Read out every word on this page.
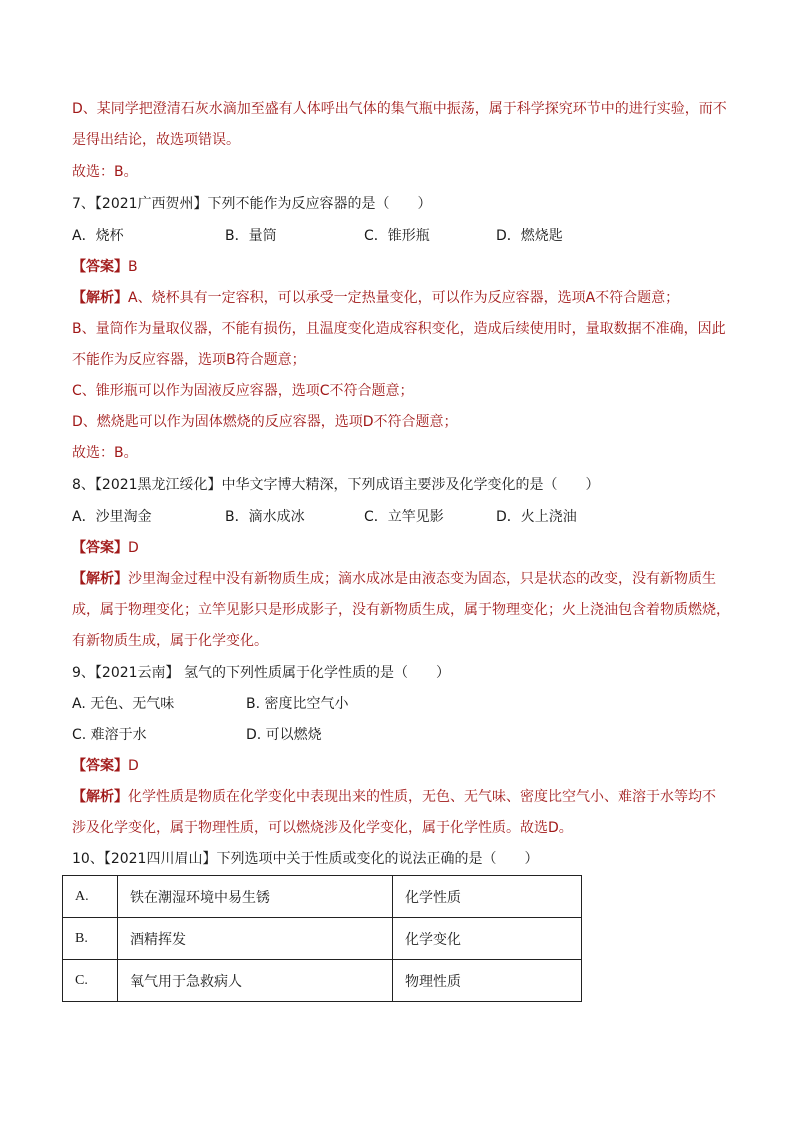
D、某同学把澄清石灰水滴加至盛有人体呼出气体的集气瓶中振荡，属于科学探究环节中的进行实验，而不
是得出结论，故选项错误。
故选：B。
7、【2021广西贺州】下列不能作为反应容器的是（　　）
A．烧杯	B．量筒	C．锥形瓶	D．燃烧匙
【答案】B
【解析】A、烧杯具有一定容积，可以承受一定热量变化，可以作为反应容器，选项A不符合题意；
B、量筒作为量取仪器，不能有损伤，且温度变化造成容积变化，造成后续使用时，量取数据不准确，因此
不能作为反应容器，选项B符合题意；
C、锥形瓶可以作为固液反应容器，选项C不符合题意；
D、燃烧匙可以作为固体燃烧的反应容器，选项D不符合题意；
故选：B。
8、【2021黑龙江绥化】中华文字博大精深，下列成语主要涉及化学变化的是（　　）
A．沙里淘金	B．滴水成冰	C．立竿见影	D．火上浇油
【答案】D
【解析】沙里淘金过程中没有新物质生成；滴水成冰是由液态变为固态，只是状态的改变，没有新物质生
成，属于物理变化；立竿见影只是形成影子，没有新物质生成，属于物理变化；火上浇油包含着物质燃烧，
有新物质生成，属于化学变化。
9、【2021云南】 氢气的下列性质属于化学性质的是（　　）
A. 无色、无气味	B. 密度比空气小
C. 难溶于水	D. 可以燃烧
【答案】D
【解析】化学性质是物质在化学变化中表现出来的性质，无色、无气味、密度比空气小、难溶于水等均不
涉及化学变化，属于物理性质，可以燃烧涉及化学变化，属于化学性质。故选D。
10、【2021四川眉山】下列选项中关于性质或变化的说法正确的是（　　）
A.	铁在潮湿环境中易生锈	化学性质
B.	酒精挥发	化学变化
C.	氧气用于急救病人	物理性质
